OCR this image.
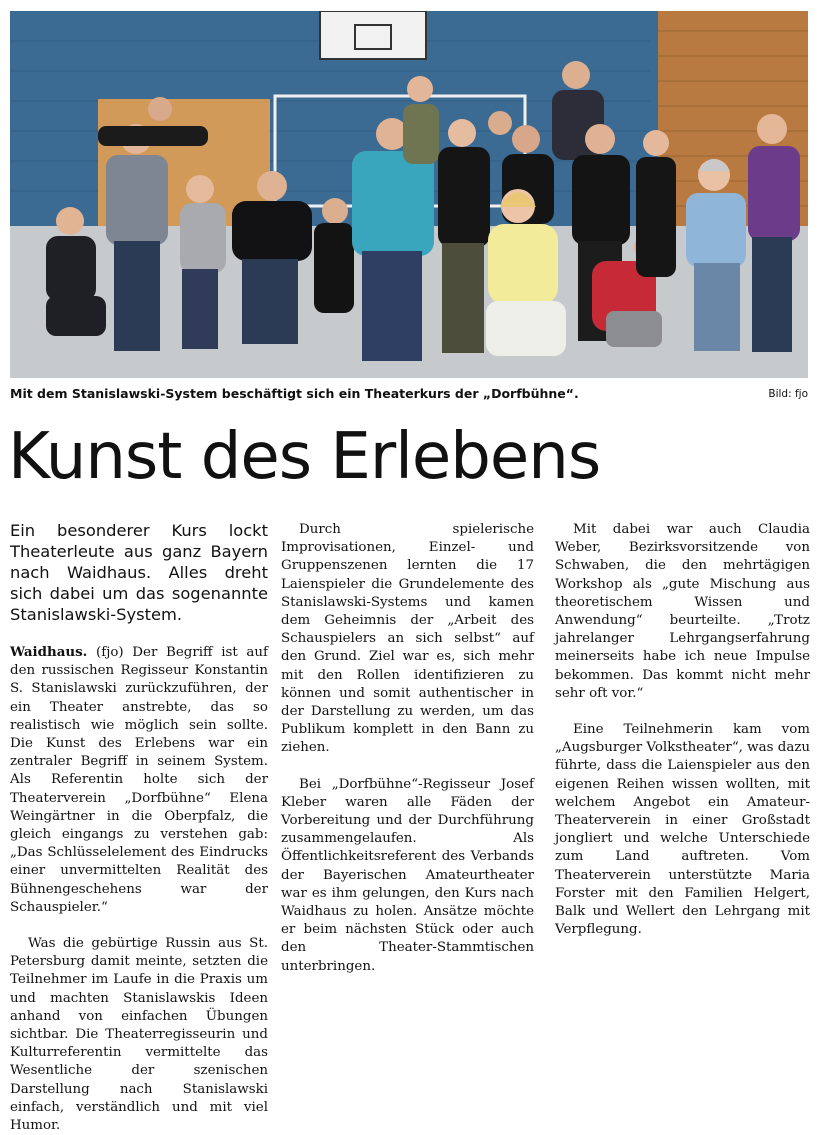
Mit dem Stanislawski-System beschäftigt sich ein Theaterkurs der „Dorfbühne“.	Bild: fjo
Kunst des Erlebens

Ein besonderer Kurs lockt Theaterleute aus ganz Bayern nach Waidhaus. Alles dreht sich dabei um das sogenannte Stanislawski-System.

Waidhaus. (fjo) Der Begriff ist auf den russischen Regisseur Konstantin S. Stanislawski zurückzuführen, der ein Theater anstrebte, das so realistisch wie möglich sein sollte. Die Kunst des Erlebens war ein zentraler Begriff in seinem System. Als Referentin holte sich der Theaterverein „Dorfbühne“ Elena Weingärtner in die Oberpfalz, die gleich eingangs zu verstehen gab: „Das Schlüsselelement des Eindrucks einer unvermittelten Realität des Bühnengeschehens war der Schauspieler.“

Was die gebürtige Russin aus St. Petersburg damit meinte, setzten die Teilnehmer im Laufe in die Praxis um und machten Stanislawskis Ideen anhand von einfachen Übungen sichtbar. Die Theaterregisseurin und Kulturreferentin vermittelte das Wesentliche der szenischen Darstellung nach Stanislawski einfach, verständlich und mit viel Humor.

Durch spielerische Improvisationen, Einzel- und Gruppenszenen lernten die 17 Laienspieler die Grundelemente des Stanislawski-Systems und kamen dem Geheimnis der „Arbeit des Schauspielers an sich selbst“ auf den Grund. Ziel war es, sich mehr mit den Rollen identifizieren zu können und somit authentischer in der Darstellung zu werden, um das Publikum komplett in den Bann zu ziehen.

Bei „Dorfbühne“-Regisseur Josef Kleber waren alle Fäden der Vorbereitung und der Durchführung zusammengelaufen. Als Öffentlichkeitsreferent des Verbands der Bayerischen Amateurtheater war es ihm gelungen, den Kurs nach Waidhaus zu holen. Ansätze möchte er beim nächsten Stück oder auch den Theater-Stammtischen unterbringen.

Mit dabei war auch Claudia Weber, Bezirksvorsitzende von Schwaben, die den mehrtägigen Workshop als „gute Mischung aus theoretischem Wissen und Anwendung“ beurteilte. „Trotz jahrelanger Lehrgangserfahrung meinerseits habe ich neue Impulse bekommen. Das kommt nicht mehr sehr oft vor.“

Eine Teilnehmerin kam vom „Augsburger Volkstheater“, was dazu führte, dass die Laienspieler aus den eigenen Reihen wissen wollten, mit welchem Angebot ein Amateur-Theaterverein in einer Großstadt jongliert und welche Unterschiede zum Land auftreten. Vom Theaterverein unterstützte Maria Forster mit den Familien Helgert, Balk und Wellert den Lehrgang mit Verpflegung.
